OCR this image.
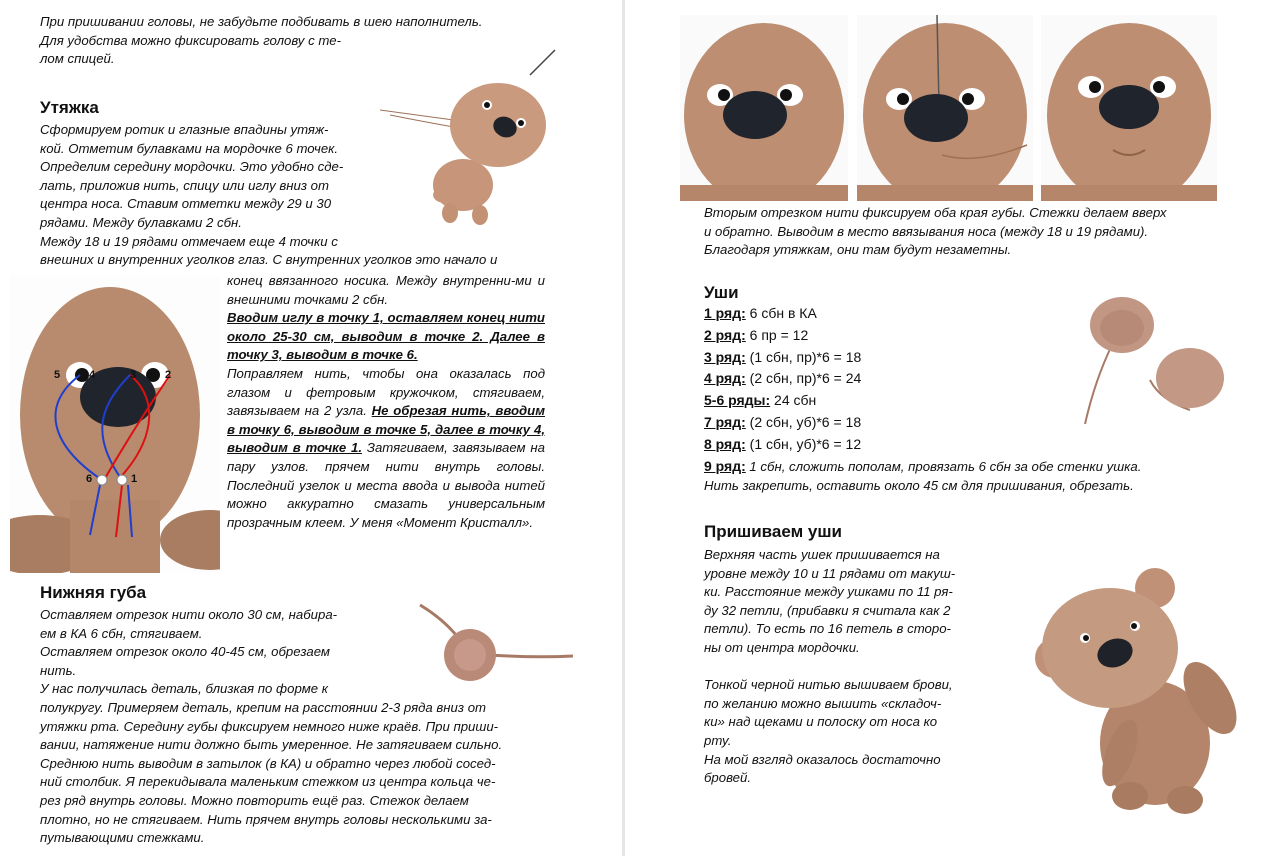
При пришивании головы, не забудьте подбивать в шею наполнитель.

Для удобства можно фиксировать голову с те-

лом спицей.

Утяжка

Сформируем ротик и глазные впадины утяж-

кой. Отметим булавками на мордочке 6 точек.

Определим середину мордочки. Это удобно сде-

лать, приложив нить, спицу или иглу вниз от

центра носа. Ставим отметки между 29 и 30

рядами. Между булавками 2 сбн.

Между 18 и 19 рядами отмечаем еще 4 точки с

внешних и внутренних уголков глаз. С внутренних уголков это начало и

5	4	3	2
6	1

конец ввязанного носика. Между внутренни-ми и внешними точками 2 сбн.

Вводим иглу в точку 1, оставляем конец нити около 25-30 см, выводим в точке 2. Далее в точку 3, выводим в точке 6.

Поправляем нить, чтобы она оказалась под глазом и фетровым кружочком, стягиваем, завязываем на 2 узла. Не обрезая нить, вводим в точку 6, выводим в точке 5, далее в точку 4, выводим в точке 1. Затягиваем, завязываем на пару узлов. прячем нити внутрь головы. Последний узелок и места ввода и вывода нитей можно аккуратно смазать универсальным прозрачным клеем. У меня «Момент Кристалл».

Нижняя губа

Оставляем отрезок нити около 30 см, набира-

ем в КА 6 сбн, стягиваем.

Оставляем отрезок около 40-45 см, обрезаем

нить.

У нас получилась деталь, близкая по форме к

полукругу. Примеряем деталь, крепим на расстоянии 2-3 ряда вниз от

утяжки рта. Середину губы фиксируем немного ниже краёв. При приши-

вании, натяжение нити должно быть умеренное. Не затягиваем сильно.

Среднюю нить выводим в затылок (в КА) и обратно через любой сосед-

ний столбик. Я перекидывала маленьким стежком из центра кольца че-

рез ряд внутрь головы. Можно повторить ещё раз. Стежок делаем

плотно, но не стягиваем. Нить прячем внутрь головы несколькими за-

путывающими стежками.

Вторым отрезком нити фиксируем оба края губы. Стежки делаем вверх

и обратно. Выводим в место ввязывания носа (между 18 и 19 рядами).

Благодаря утяжкам, они там будут незаметны.

Уши

1 ряд: 6 сбн в КА

2 ряд: 6 пр = 12

3 ряд: (1 сбн, пр)*6 = 18

4 ряд: (2 сбн, пр)*6 = 24

5-6 ряды: 24 сбн

7 ряд: (2 сбн, уб)*6 = 18

8 ряд: (1 сбн, уб)*6 = 12

9 ряд: 1 сбн, сложить пополам, провязать 6 сбн за обе стенки ушка.

Нить закрепить, оставить около 45 см для пришивания, обрезать.

Пришиваем уши

Верхняя часть ушек пришивается на

уровне между 10 и 11 рядами от макуш-

ки. Расстояние между ушками по 11 ря-

ду 32 петли, (прибавки я считала как 2

петли). То есть по 16 петель в сторо-

ны от центра мордочки.

Тонкой черной нитью вышиваем брови,

по желанию можно вышить «складоч-

ки» над щеками и полоску от носа ко

рту.

На мой взгляд оказалось достаточно

бровей.
